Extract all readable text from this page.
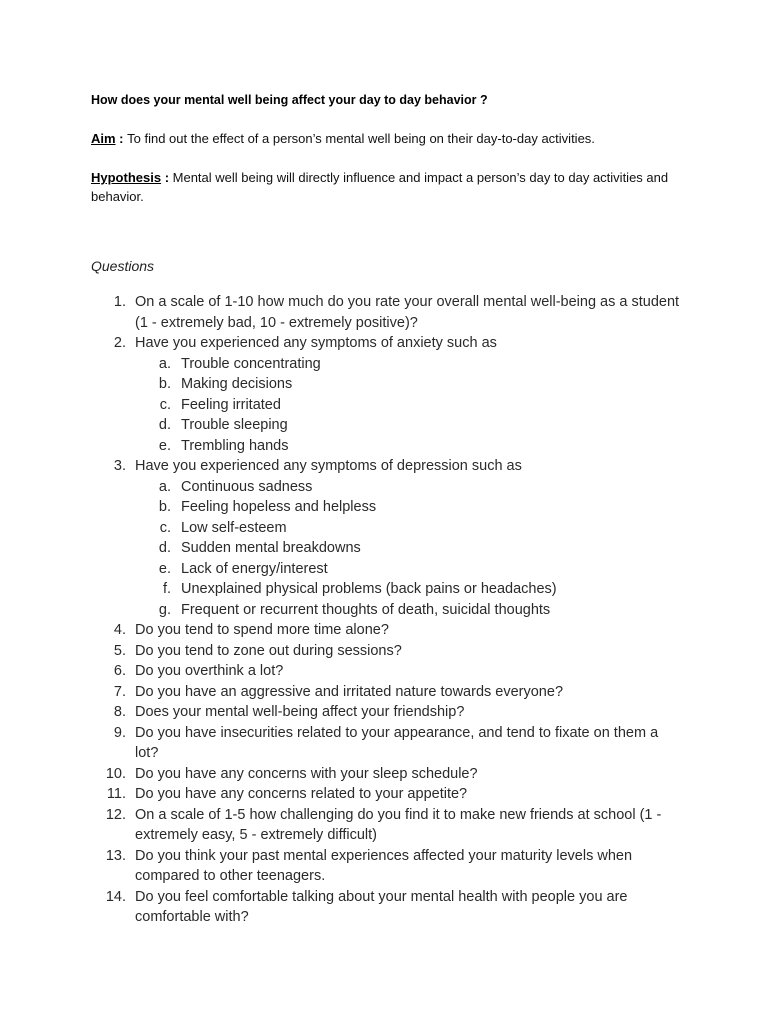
How does your mental well being affect your day to day behavior ?
Aim : To find out the effect of a person’s mental well being on their day-to-day activities.
Hypothesis : Mental well being will directly influence and impact a person’s day to day activities and behavior.
Questions
1. On a scale of 1-10 how much do you rate your overall mental well-being as a student (1 - extremely bad, 10 - extremely positive)?
2. Have you experienced any symptoms of anxiety such as
a. Trouble concentrating
b. Making decisions
c. Feeling irritated
d. Trouble sleeping
e. Trembling hands
3. Have you experienced any symptoms of depression such as
a. Continuous sadness
b. Feeling hopeless and helpless
c. Low self-esteem
d. Sudden mental breakdowns
e. Lack of energy/interest
f. Unexplained physical problems (back pains or headaches)
g. Frequent or recurrent thoughts of death, suicidal thoughts
4. Do you tend to spend more time alone?
5. Do you tend to zone out during sessions?
6. Do you overthink a lot?
7. Do you have an aggressive and irritated nature towards everyone?
8. Does your mental well-being affect your friendship?
9. Do you have insecurities related to your appearance, and tend to fixate on them a lot?
10. Do you have any concerns with your sleep schedule?
11. Do you have any concerns related to your appetite?
12. On a scale of 1-5 how challenging do you find it to make new friends at school (1 - extremely easy, 5 - extremely difficult)
13. Do you think your past mental experiences affected your maturity levels when compared to other teenagers.
14. Do you feel comfortable talking about your mental health with people you are comfortable with?
